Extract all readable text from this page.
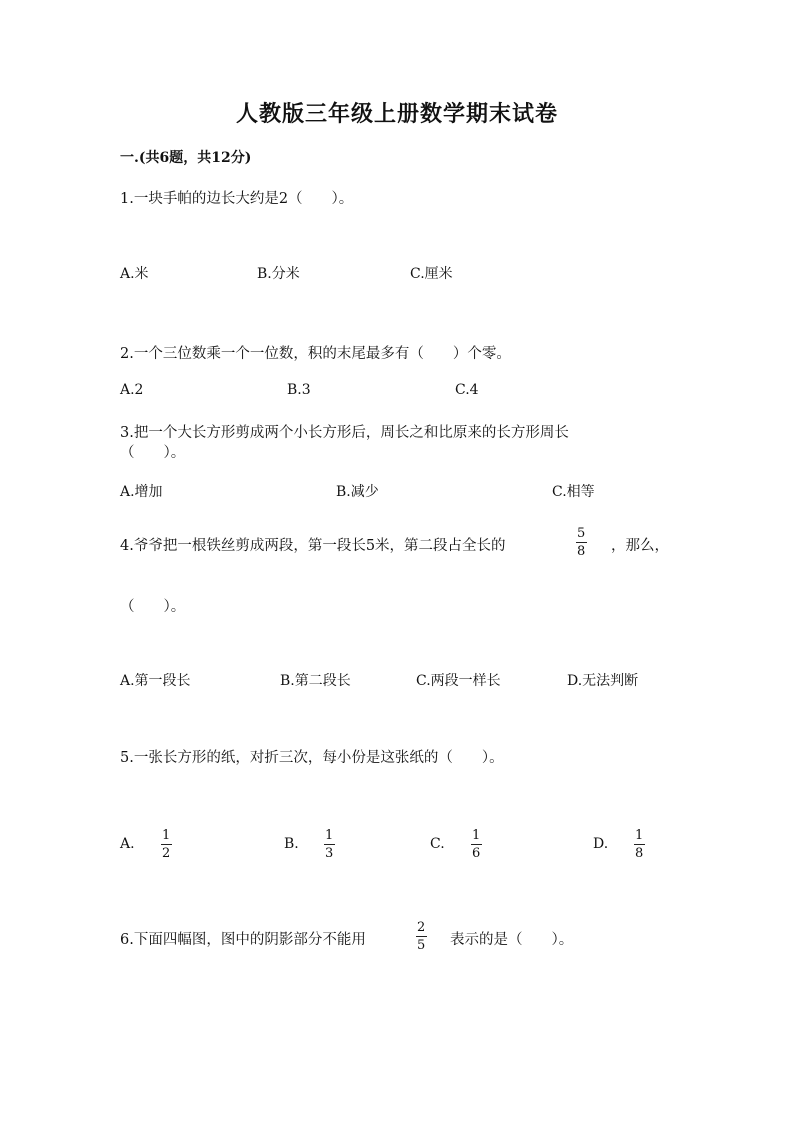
人教版三年级上册数学期末试卷
一.(共6题，共12分)
1.一块手帕的边长大约是2（　　）。
A.米	B.分米	C.厘米
2.一个三位数乘一个一位数，积的末尾最多有（　　）个零。
A.2	B.3	C.4
3.把一个大长方形剪成两个小长方形后，周长之和比原来的长方形周长
（　　）。
A.增加	B.减少	C.相等
4.爷爷把一根铁丝剪成两段，第一段长5米，第二段占全长的
5
8 ，那么，
（　　）。
A.第一段长	B.第二段长	C.两段一样长	D.无法判断
5.一张长方形的纸，对折三次，每小份是这张纸的（　　）。
A.
1
2
B.
1
3
C.
1
6
D.
1
8
6.下面四幅图，图中的阴影部分不能用
2
5 表示的是（　　）。
